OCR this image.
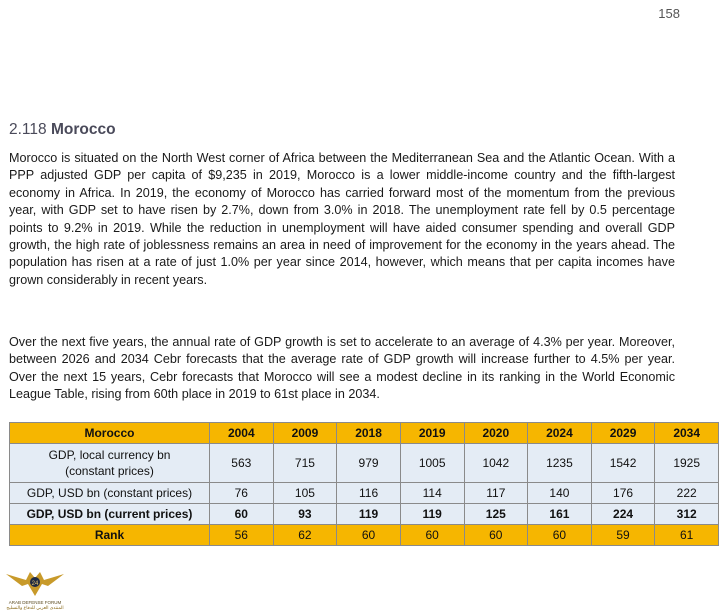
158
2.118 Morocco

Morocco is situated on the North West corner of Africa between the Mediterranean Sea and the Atlantic Ocean. With a PPP adjusted GDP per capita of $9,235 in 2019, Morocco is a lower middle-income country and the fifth-largest economy in Africa. In 2019, the economy of Morocco has carried forward most of the momentum from the previous year, with GDP set to have risen by 2.7%, down from 3.0% in 2018. The unemployment rate fell by 0.5 percentage points to 9.2% in 2019. While the reduction in unemployment will have aided consumer spending and overall GDP growth, the high rate of joblessness remains an area in need of improvement for the economy in the years ahead. The population has risen at a rate of just 1.0% per year since 2014, however, which means that per capita incomes have grown considerably in recent years.

Over the next five years, the annual rate of GDP growth is set to accelerate to an average of 4.3% per year. Moreover, between 2026 and 2034 Cebr forecasts that the average rate of GDP growth will increase further to 4.5% per year. Over the next 15 years, Cebr forecasts that Morocco will see a modest decline in its ranking in the World Economic League Table, rising from 60th place in 2019 to 61st place in 2034.

Morocco	2004	2009	2018	2019	2020	2024	2029	2034
GDP, local currency bn
(constant prices)	563	715	979	1005	1042	1235	1542	1925
GDP, USD bn (constant prices)	76	105	116	114	117	140	176	222
GDP, USD bn (current prices)	60	93	119	119	125	161	224	312
Rank	56	62	60	60	60	60	59	61
24
ARAB DEFENSE FORUM
المنتدى العربي للدفاع والتسليح
